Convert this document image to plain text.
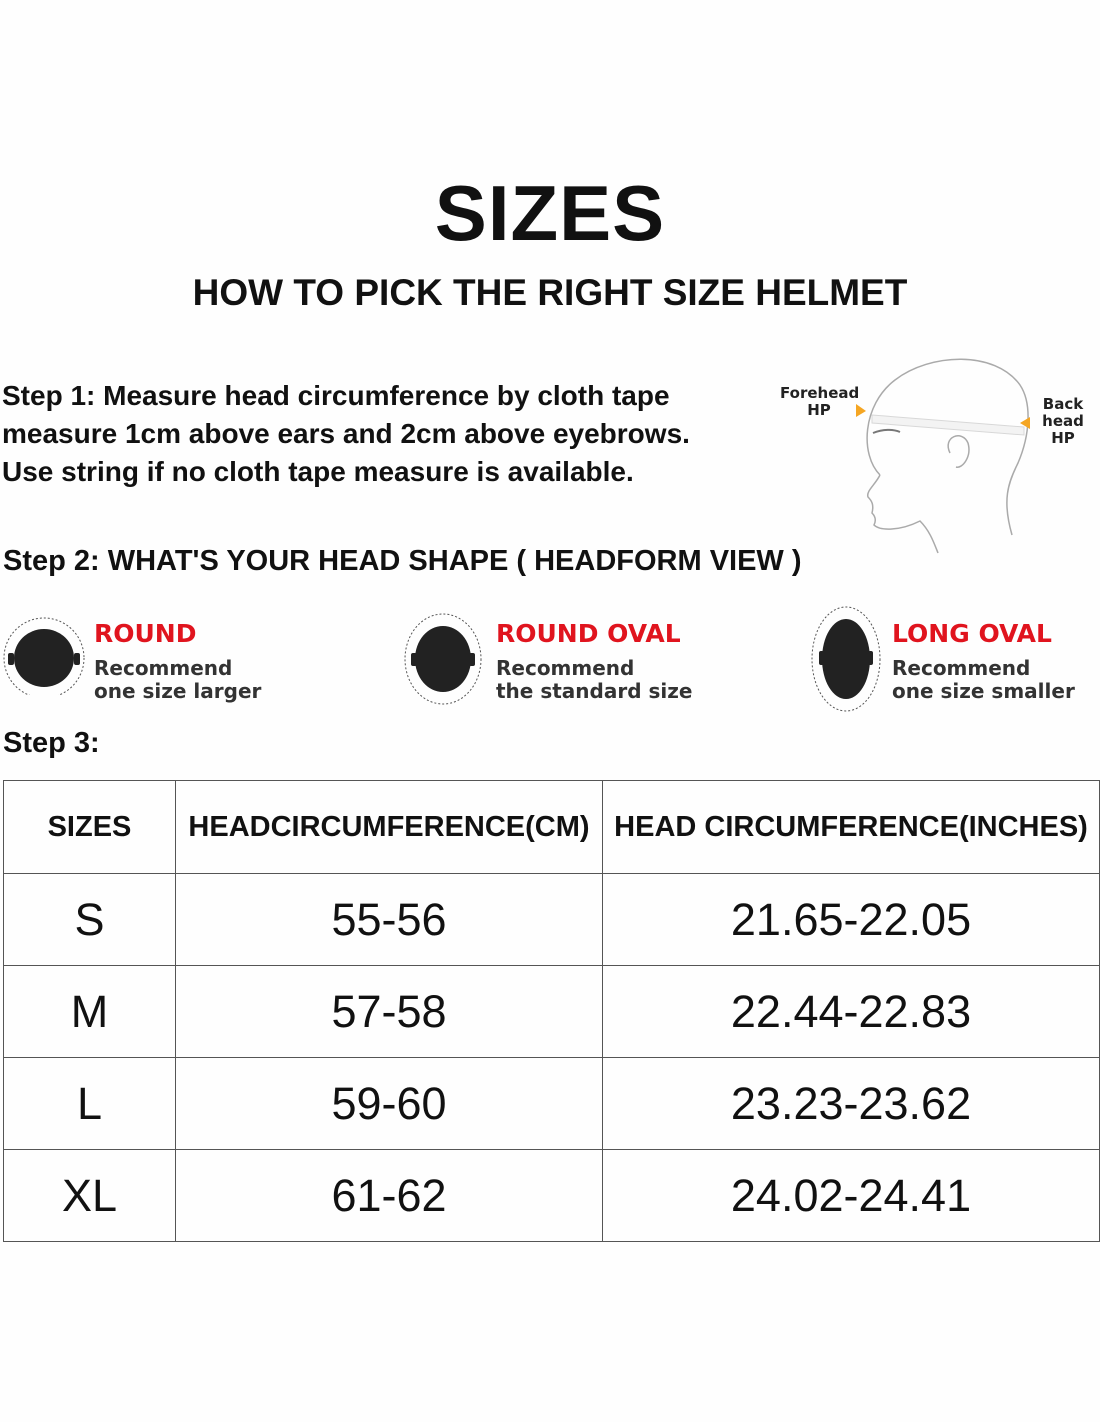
SIZES
HOW TO PICK THE RIGHT SIZE HELMET
Step 1: Measure head circumference by cloth tape
measure 1cm above ears and 2cm above eyebrows.
Use string if no cloth tape measure is available.
Forehead
HP	Back
head
HP
Step 2: WHAT'S YOUR HEAD SHAPE ( HEADFORM VIEW )
ROUND
Recommend
one size larger
ROUND OVAL
Recommend
the standard size
LONG OVAL
Recommend
one size smaller
Step 3:
SIZES	HEADCIRCUMFERENCE(CM)	HEAD CIRCUMFERENCE(INCHES)
S	55-56	21.65-22.05
M	57-58	22.44-22.83
L	59-60	23.23-23.62
XL	61-62	24.02-24.41
